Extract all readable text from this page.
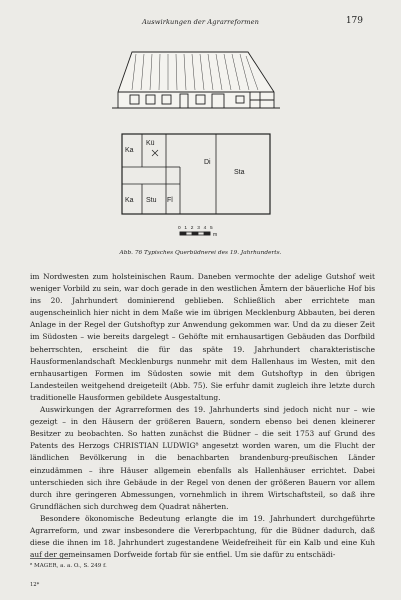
Auswirkungen der Agrarreformen	179
Ka
Kü
Di
Sta
Ka Stu Fl
0 1 2 3 4 5
m
Abb. 76 Typisches Querbüdnerei des 19. Jahrhunderts.

im Nordwesten zum holsteinischen Raum. Daneben vermochte der adelige Gutshof weit weniger Vorbild zu sein, war doch gerade in den westlichen Ämtern der bäuerliche Hof bis ins 20. Jahrhundert dominierend geblieben. Schließlich aber errichtete man augenscheinlich hier nicht in dem Maße wie im übrigen Mecklenburg Abbauten, bei deren Anlage in der Regel der Gutshoftyp zur Anwendung gekommen war. Und da zu dieser Zeit im Südosten – wie bereits dargelegt – Gehöfte mit ernhausartigen Gebäuden das Dorfbild beherrschten, erscheint die für das späte 19. Jahrhundert charakteristische Hausformenlandschaft Mecklenburgs nunmehr mit dem Hallenhaus im Westen, mit den ernhausartigen Formen im Südosten sowie mit dem Gutshoftyp in den übrigen Landesteilen weitgehend dreigeteilt (Abb. 75). Sie erfuhr damit zugleich ihre letzte durch traditionelle Hausformen gebildete Ausgestaltung.

Auswirkungen der Agrarreformen des 19. Jahrhunderts sind jedoch nicht nur – wie gezeigt – in den Häusern der größeren Bauern, sondern ebenso bei denen kleinerer Besitzer zu beobachten. So hatten zunächst die Büdner – die seit 1753 auf Grund des Patents des Herzogs CHRISTIAN LUDWIG⁸ angesetzt worden waren, um die Flucht der ländlichen Bevölkerung in die benachbarten brandenburg-preußischen Länder einzudämmen – ihre Häuser allgemein ebenfalls als Hallenhäuser errichtet. Dabei unterschieden sich ihre Gebäude in der Regel von denen der größeren Bauern vor allem durch ihre geringeren Abmessungen, vornehmlich in ihrem Wirtschaftsteil, so daß ihre Grundflächen sich durchweg dem Quadrat näherten.

Besondere ökonomische Bedeutung erlangte die im 19. Jahrhundert durchgeführte Agrarreform, und zwar insbesondere die Vererbpachtung, für die Büdner dadurch, daß diese die ihnen im 18. Jahrhundert zugestandene Weidefreiheit für ein Kalb und eine Kuh auf der gemeinsamen Dorfweide fortab für sie entfiel. Um sie dafür zu entschädi-

⁸ MAGER, a. a. O., S. 249 f.
12*
